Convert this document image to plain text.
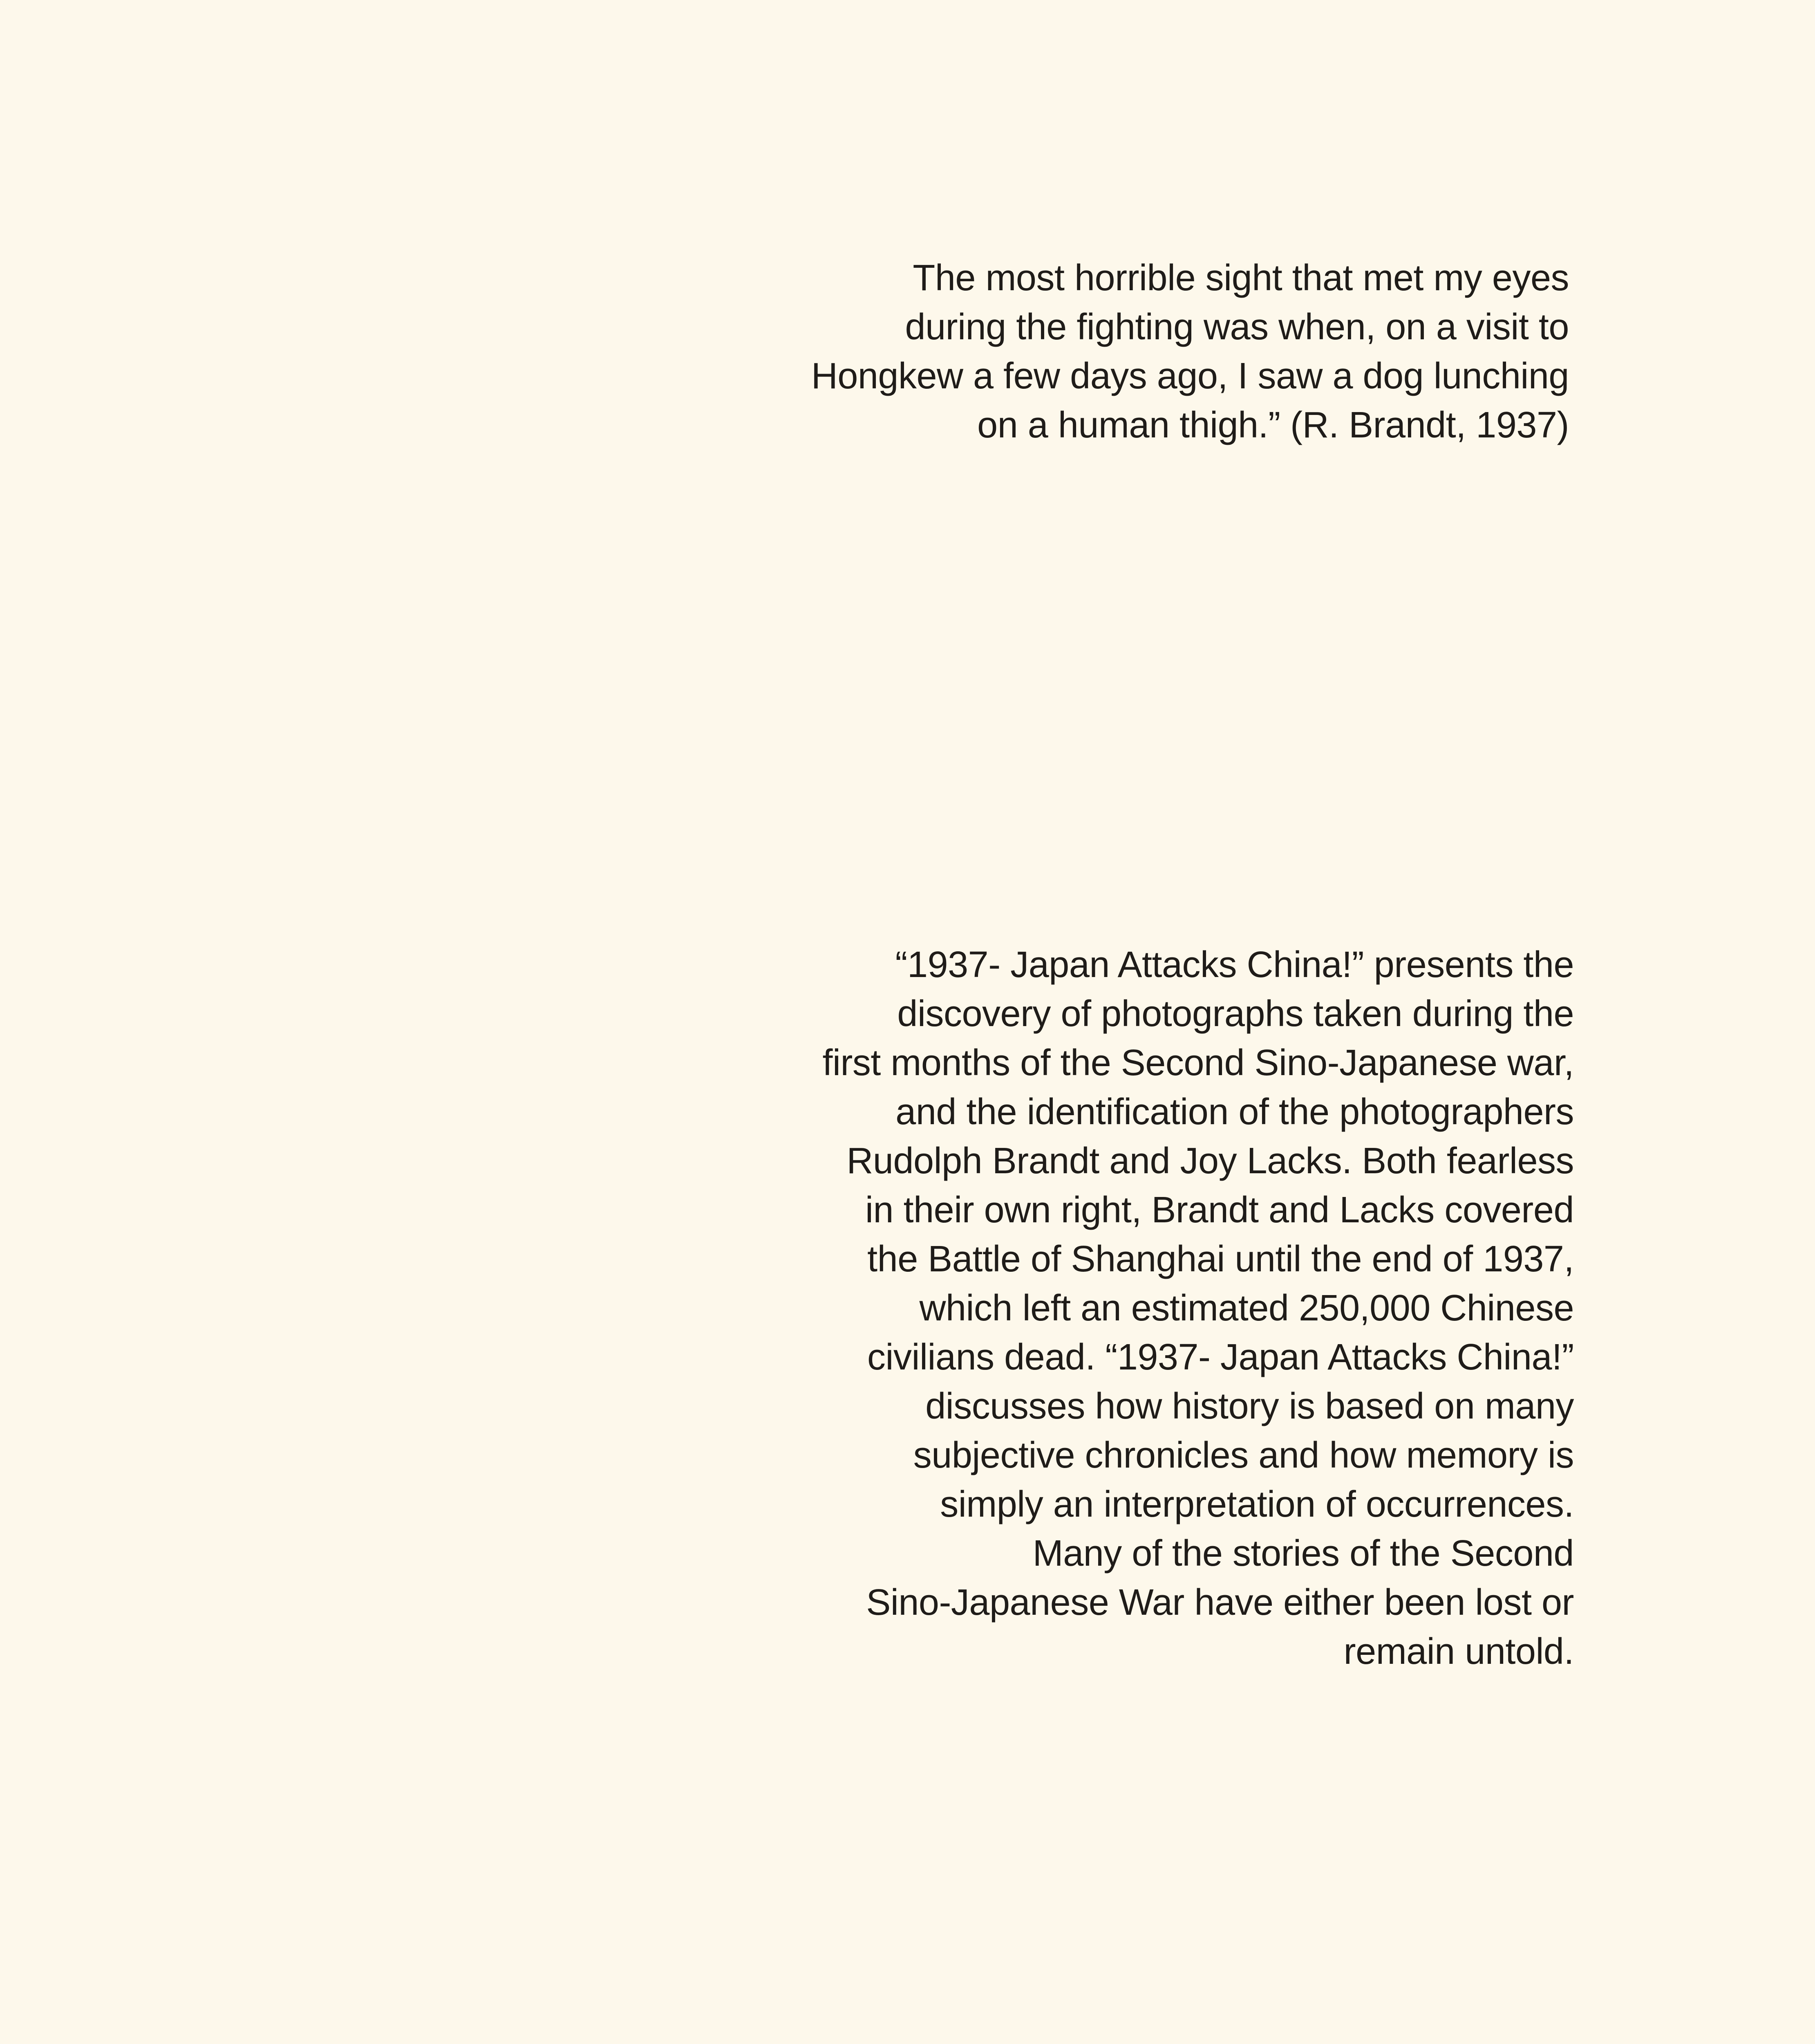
The most horrible sight that met my eyes
during the fighting was when, on a visit to
Hongkew a few days ago, I saw a dog lunching
on a human thigh.” (R. Brandt, 1937)
“1937- Japan Attacks China!” presents the
discovery of photographs taken during the
first months of the Second Sino-Japanese war,
and the identification of the photographers
Rudolph Brandt and Joy Lacks. Both fearless
in their own right, Brandt and Lacks covered
the Battle of Shanghai until the end of 1937,
which left an estimated 250,000 Chinese
civilians dead. “1937- Japan Attacks China!”
discusses how history is based on many
subjective chronicles and how memory is
simply an interpretation of occurrences.
Many of the stories of the Second
Sino-Japanese War have either been lost or
remain untold.
